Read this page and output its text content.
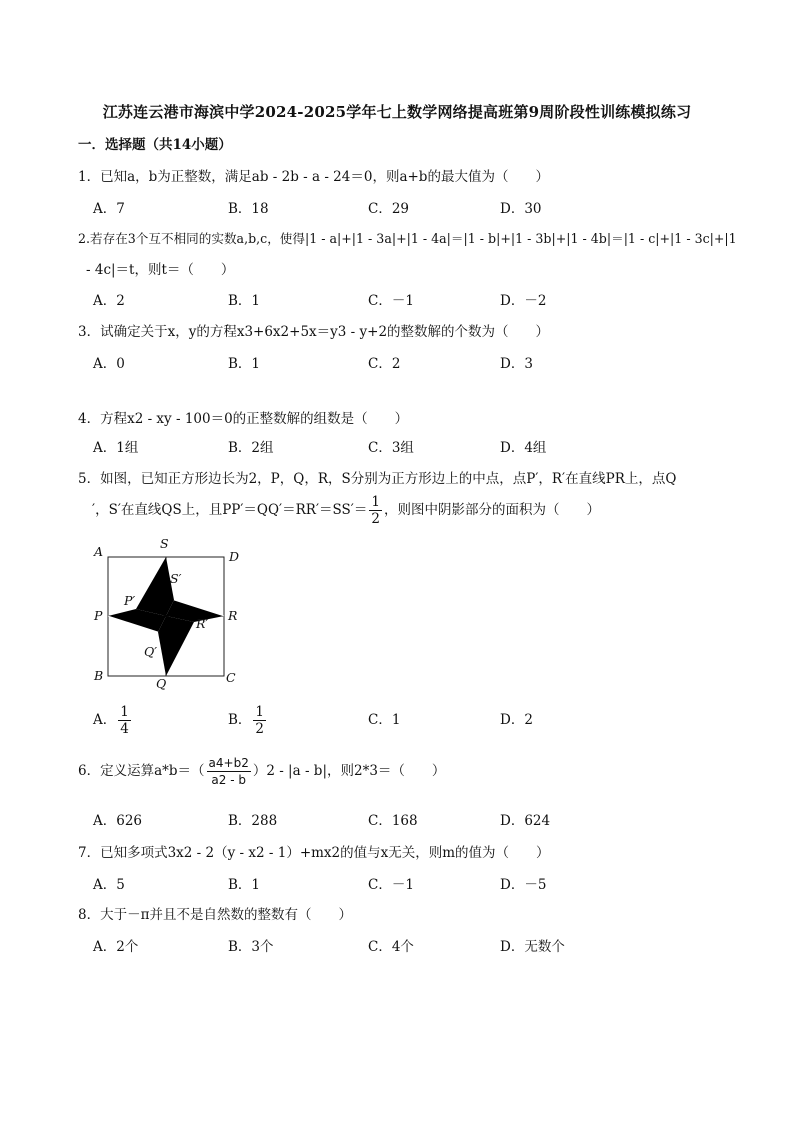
江苏连云港市海滨中学2024-2025学年七上数学网络提高班第9周阶段性训练模拟练习
一．选择题（共14小题）
1．已知a，b为正整数，满足ab - 2b - a - 24＝0，则a+b的最大值为（　　）
A．7	B．18	C．29	D．30
2.若存在3个互不相同的实数a,b,c，使得|1 - a|+|1 - 3a|+|1 - 4a|＝|1 - b|+|1 - 3b|+|1 - 4b|＝|1 - c|+|1 - 3c|+|1
- 4c|＝t，则t＝（　　）
A．2	B．1	C．－1	D．－2
3．试确定关于x，y的方程x3+6x2+5x＝y3 - y+2的整数解的个数为（　　）
A．0	B．1	C．2	D．3
4．方程x2 - xy - 100＝0的正整数解的组数是（　　）
A．1组	B．2组	C．3组	D．4组
5．如图，已知正方形边长为2，P，Q，R，S分别为正方形边上的中点，点P′，R′在直线PR上，点Q
′，S′在直线QS上，且$PP'=QQ'=RR'=SS'= \frac{1}{2}$ ，则图中阴影部分的面积为（　　）
A
S
D
S′
P′
P	R
R′
Q′
B
Q	C
A． $\frac{1}{4}$	B． $\frac{1}{2}$	C．1	D．2
6．定义运算$a*b=( \frac{a4+b2}{a2 - b} )2 - |a - b|$，则2*3＝（　　）
A．626	B．288	C．168	D．624
7．已知多项式3x2 - 2（y - x2 - 1）+mx2的值与x无关，则m的值为（　　）
A．5	B．1	C．－1	D．－5
8．大于－π并且不是自然数的整数有（　　）
A．2个	B．3个	C．4个	D．无数个
